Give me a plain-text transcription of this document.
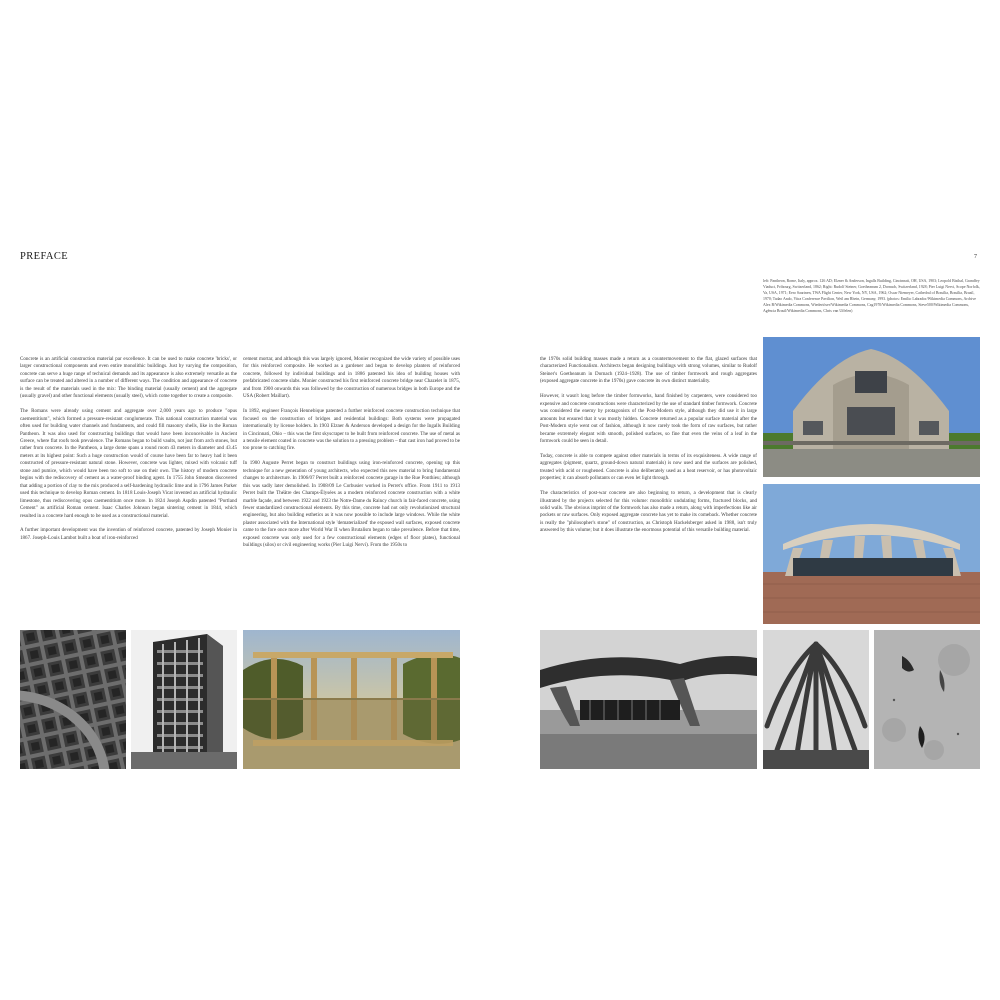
PREFACE	7

left: Pantheon, Rome, Italy, approx. 126 AD; Elzner & Anderson, Ingalls Building, Cincinnati, OH, USA, 1903; Leopold Bisthal, Grandfey Viaduct, Fribourg, Switzerland, 1862; Right: Rudolf Steiner, Goetheanum 2, Dornach, Switzerland, 1928; Pier Luigi Nervi, Scope Norfolk, Va, USA, 1971; Eero Saarinen, TWA Flight Center, New York, NY, USA, 1962; Oscar Niemeyer, Cathedral of Brasília, Brasília, Brazil, 1970; Tadao Ando, Vitra Conference Pavilion, Weil am Rhein, Germany, 1993. (photos: Emilio Labrador/Wikimedia Commons, Archive Alex B/Wikimedia Commons, Wiedertöser/Wikimedia Commons, Cag1970/Wikimedia Commons, Steve500/Wikimedia Commons, Agência Brasil/Wikimedia Commons, Chris van Uffelen)

Concrete is an artificial construction material par excellence. It can be used to make concrete 'bricks', or larger constructional components and even entire monolithic buildings. Just by varying the composition, concrete can serve a huge range of technical demands and its appearance is also extremely versatile as the surface can be treated and altered in a number of different ways. The condition and appearance of concrete is the result of the materials used in the mix: The binding material (usually cement) and the aggregate (usually gravel) and other functional elements (usually steel), which come together to create a composite.

The Romans were already using cement and aggregate over 2,000 years ago to produce "opus caementitium", which formed a pressure-resistant conglomerate. This national construction material was often used for building water channels and fundaments, and could fill masonry shells, like in the Roman Pantheon. It was also used for constructing buildings that would have been inconceivable in Ancient Greece, where flat roofs took prevalence. The Romans began to build vaults, not just from arch stones, but rather from concrete. In the Pantheon, a large dome spans a round room 43 meters in diameter and 43.45 meters at its highest point: Such a huge construction would of course have been far to heavy had it been constructed of pressure-resistant natural stone. However, concrete was lighter, mixed with volcanic tuff stone and pumice, which would have been too soft to use on their own. The history of modern concrete begins with the rediscovery of cement as a water-proof binding agent. In 1755 John Smeaton discovered that adding a portion of clay to the mix produced a self-hardening hydraulic lime and in 1796 James Parker used this technique to develop Roman cement. In 1818 Louis-Joseph Vicat invented an artificial hydraulic limestone, thus rediscovering opus caementitium once more. In 1824 Joseph Aspdin patented "Portland Cement" as artificial Roman cement. Isaac Charles Johnson began sintering cement in 1844, which resulted in a concrete hard enough to be used as a constructional material.

A further important development was the invention of reinforced concrete, patented by Joseph Monier in 1867. Joseph-Louis Lambot built a boat of iron-reinforced

cement mortar, and although this was largely ignored, Monier recognized the wide variety of possible uses for this reinforced composite. He worked as a gardener and began to develop planters of reinforced concrete, followed by individual buildings and in 1886 patented his idea of building houses with prefabricated concrete slabs. Monier constructed his first reinforced concrete bridge near Chazelet in 1875, and from 1900 onwards this was followed by the construction of numerous bridges in both Europe and the USA (Robert Maillart).

In 1892, engineer François Hennebique patented a further reinforced concrete construction technique that focused on the construction of bridges and residential buildings: Both systems were propagated internationally by license holders. In 1903 Elzner & Anderson developed a design for the Ingalls Building in Cincinnati, Ohio – this was the first skyscraper to be built from reinforced concrete. The use of metal as a tensile element coated in concrete was the solution to a pressing problem – that cast iron had proved to be too prone to catching fire.

In 1900 Auguste Perret began to construct buildings using iron-reinforced concrete, opening up this technique for a new generation of young architects, who expected this new material to bring fundamental changes to architecture. In 1906/07 Perret built a reinforced concrete garage in the Rue Ponthieu; although this was sadly later demolished. In 1908/09 Le Corbusier worked in Perret's office. From 1911 to 1913 Perret built the Théâtre des Champs-Élysées as a modern reinforced concrete construction with a white marble façade, and between 1922 and 1923 the Notre-Dame du Raincy church in fair-faced concrete, using fewer standardized constructional elements. By this time, concrete had not only revolutionized structural engineering, but also building esthetics as it was now possible to include large windows. While the white plaster associated with the International style 'dematerialized' the exposed wall surfaces, exposed concrete came to the fore once more after World War II when Brutalism began to take prevalence. Before that time, exposed concrete was only used for a few constructional elements (edges of floor plates), functional buildings (silos) or civil engineering works (Pier Luigi Nervi). From the 1950s to

the 1970s solid building masses made a return as a countermovement to the flat, glazed surfaces that characterized Functionalism. Architects began designing buildings with strong volumes, similar to Rudolf Steiner's Goetheanum in Dornach (1924–1928). The use of timber formwork and rough aggregates (exposed aggregate concrete in the 1970s) gave concrete its own distinct materiality.

However, it wasn't long before the timber formworks, hand finished by carpenters, were considered too expensive and concrete constructions were characterized by the use of standard timber formwork. Concrete was considered the enemy by protagonists of the Post-Modern style, although they did use it in large amounts but ensured that it was mostly hidden. Concrete returned as a popular surface material after the Post-Modern style went out of fashion, although it now rarely took the form of raw surfaces, but rather became extremely elegant with smooth, polished surfaces, so fine that even the veins of a leaf in the formwork could be seen in detail.

Today, concrete is able to compete against other materials in terms of its exquisiteness. A wide range of aggregates (pigment, quartz, ground-down natural materials) is now used and the surfaces are polished, treated with acid or roughened. Concrete is also deliberately used as a heat reservoir, or has photovoltaic properties; it can absorb pollutants or can even let light through.

The characteristics of post-war concrete are also beginning to return, a development that is clearly illustrated by the projects selected for this volume: monolithic undulating forms, fractured blocks, and solid walls. The obvious imprint of the formwork has also made a return, along with imperfections like air pockets or raw surfaces. Only exposed aggregate concrete has yet to make its comeback. Whether concrete is really the "philosopher's stone" of construction, as Christoph Hackelsberger asked in 1988, isn't truly answered by this volume; but it does illustrate the enormous potential of this versatile building material.
